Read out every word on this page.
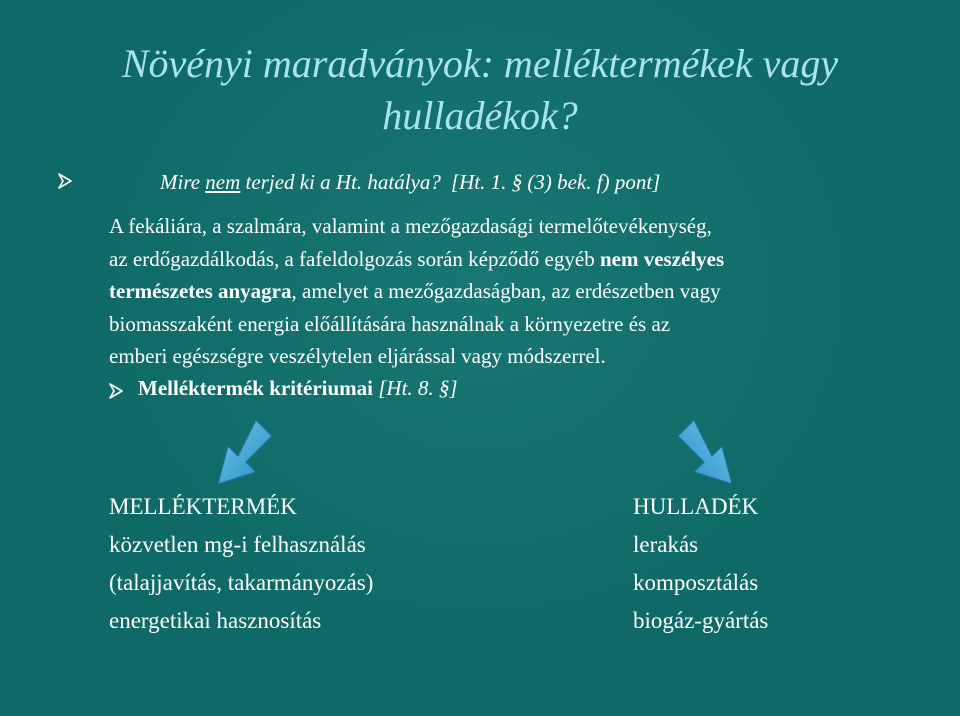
Növényi maradványok: melléktermékek vagy
hulladékok?
Mire nem terjed ki a Ht. hatálya? [Ht. 1. § (3) bek. f) pont]

A fekáliára, a szalmára, valamint a mezőgazdasági termelőtevékenység,

az erdőgazdálkodás, a fafeldolgozás során képződő egyéb nem veszélyes

természetes anyagra, amelyet a mezőgazdaságban, az erdészetben vagy

biomasszaként energia előállítására használnak a környezetre és az

emberi egészségre veszélytelen eljárással vagy módszerrel.

Melléktermék kritériumai [Ht. 8. §]

MELLÉKTERMÉK

közvetlen mg-i felhasználás

(talajjavítás, takarmányozás)

energetikai hasznosítás

HULLADÉK

lerakás

komposztálás

biogáz-gyártás
